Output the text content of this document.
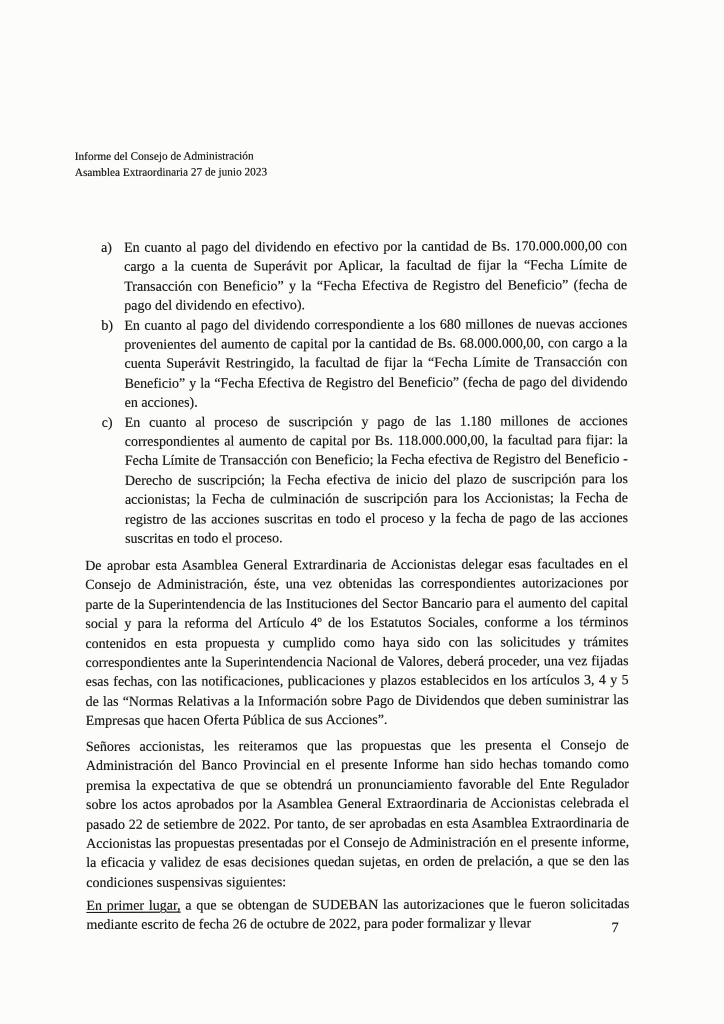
Informe del Consejo de Administración
Asamblea Extraordinaria 27 de junio 2023
a) En cuanto al pago del dividendo en efectivo por la cantidad de Bs. 170.000.000,00 con cargo a la cuenta de Superávit por Aplicar, la facultad de fijar la “Fecha Límite de Transacción con Beneficio” y la “Fecha Efectiva de Registro del Beneficio” (fecha de pago del dividendo en efectivo).
b) En cuanto al pago del dividendo correspondiente a los 680 millones de nuevas acciones provenientes del aumento de capital por la cantidad de Bs. 68.000.000,00, con cargo a la cuenta Superávit Restringido, la facultad de fijar la “Fecha Límite de Transacción con Beneficio” y la “Fecha Efectiva de Registro del Beneficio” (fecha de pago del dividendo en acciones).
c) En cuanto al proceso de suscripción y pago de las 1.180 millones de acciones correspondientes al aumento de capital por Bs. 118.000.000,00, la facultad para fijar: la Fecha Límite de Transacción con Beneficio; la Fecha efectiva de Registro del Beneficio - Derecho de suscripción; la Fecha efectiva de inicio del plazo de suscripción para los accionistas; la Fecha de culminación de suscripción para los Accionistas; la Fecha de registro de las acciones suscritas en todo el proceso y la fecha de pago de las acciones suscritas en todo el proceso.

De aprobar esta Asamblea General Extrardinaria de Accionistas delegar esas facultades en el Consejo de Administración, éste, una vez obtenidas las correspondientes autorizaciones por parte de la Superintendencia de las Instituciones del Sector Bancario para el aumento del capital social y para la reforma del Artículo 4º de los Estatutos Sociales, conforme a los términos contenidos en esta propuesta y cumplido como haya sido con las solicitudes y trámites correspondientes ante la Superintendencia Nacional de Valores, deberá proceder, una vez fijadas esas fechas, con las notificaciones, publicaciones y plazos establecidos en los artículos 3, 4 y 5 de las “Normas Relativas a la Información sobre Pago de Dividendos que deben suministrar las Empresas que hacen Oferta Pública de sus Acciones”.

Señores accionistas, les reiteramos que las propuestas que les presenta el Consejo de Administración del Banco Provincial en el presente Informe han sido hechas tomando como premisa la expectativa de que se obtendrá un pronunciamiento favorable del Ente Regulador sobre los actos aprobados por la Asamblea General Extraordinaria de Accionistas celebrada el pasado 22 de setiembre de 2022. Por tanto, de ser aprobadas en esta Asamblea Extraordinaria de Accionistas las propuestas presentadas por el Consejo de Administración en el presente informe, la eficacia y validez de esas decisiones quedan sujetas, en orden de prelación, a que se den las condiciones suspensivas siguientes:

En primer lugar, a que se obtengan de SUDEBAN las autorizaciones que le fueron solicitadas mediante escrito de fecha 26 de octubre de 2022, para poder formalizar y llevar	7
